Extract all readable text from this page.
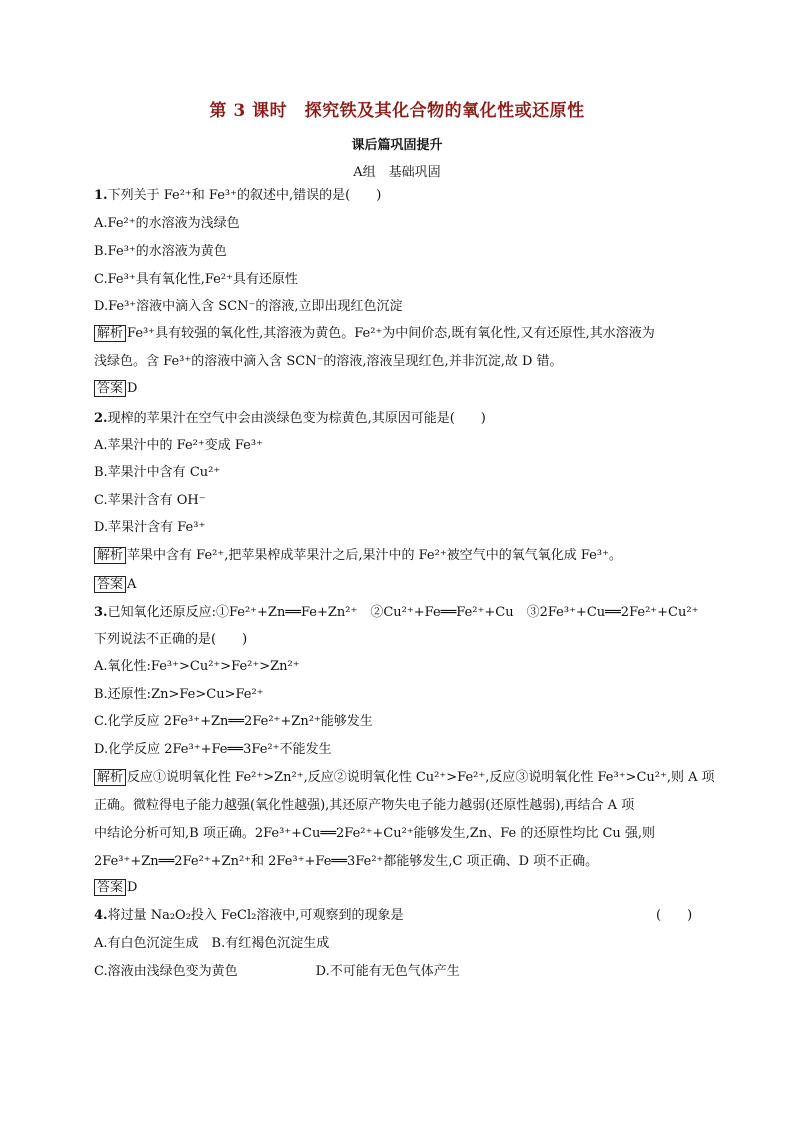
第 3 课时　探究铁及其化合物的氧化性或还原性
课后篇巩固提升
A组　基础巩固
1.下列关于 Fe²⁺和 Fe³⁺的叙述中,错误的是(　　)
A.Fe²⁺的水溶液为浅绿色
B.Fe³⁺的水溶液为黄色
C.Fe³⁺具有氧化性,Fe²⁺具有还原性
D.Fe³⁺溶液中滴入含 SCN⁻的溶液,立即出现红色沉淀
解析 Fe³⁺具有较强的氧化性,其溶液为黄色。Fe²⁺为中间价态,既有氧化性,又有还原性,其水溶液为
浅绿色。含 Fe³⁺的溶液中滴入含 SCN⁻的溶液,溶液呈现红色,并非沉淀,故 D 错。
答案 D
2.现榨的苹果汁在空气中会由淡绿色变为棕黄色,其原因可能是(　　)
A.苹果汁中的 Fe²⁺变成 Fe³⁺
B.苹果汁中含有 Cu²⁺
C.苹果汁含有 OH⁻
D.苹果汁含有 Fe³⁺
解析 苹果中含有 Fe²⁺,把苹果榨成苹果汁之后,果汁中的 Fe²⁺被空气中的氧气氧化成 Fe³⁺。
答案 A
3.已知氧化还原反应:①Fe²⁺+Zn══Fe+Zn²⁺　②Cu²⁺+Fe══Fe²⁺+Cu　③2Fe³⁺+Cu══2Fe²⁺+Cu²⁺
下列说法不正确的是(　　)
A.氧化性:Fe³⁺>Cu²⁺>Fe²⁺>Zn²⁺
B.还原性:Zn>Fe>Cu>Fe²⁺
C.化学反应 2Fe³⁺+Zn══2Fe²⁺+Zn²⁺能够发生
D.化学反应 2Fe³⁺+Fe══3Fe²⁺不能发生
解析 反应①说明氧化性 Fe²⁺>Zn²⁺,反应②说明氧化性 Cu²⁺>Fe²⁺,反应③说明氧化性 Fe³⁺>Cu²⁺,则 A 项
正确。微粒得电子能力越强(氧化性越强),其还原产物失电子能力越弱(还原性越弱),再结合 A 项
中结论分析可知,B 项正确。2Fe³⁺+Cu══2Fe²⁺+Cu²⁺能够发生,Zn、Fe 的还原性均比 Cu 强,则
2Fe³⁺+Zn══2Fe²⁺+Zn²⁺和 2Fe³⁺+Fe══3Fe²⁺都能够发生,C 项正确、D 项不正确。
答案 D
4.将过量 Na₂O₂投入 FeCl₂溶液中,可观察到的现象是	(　　)
A.有白色沉淀生成　B.有红褐色沉淀生成
C.溶液由浅绿色变为黄色　　　　　　D.不可能有无色气体产生
